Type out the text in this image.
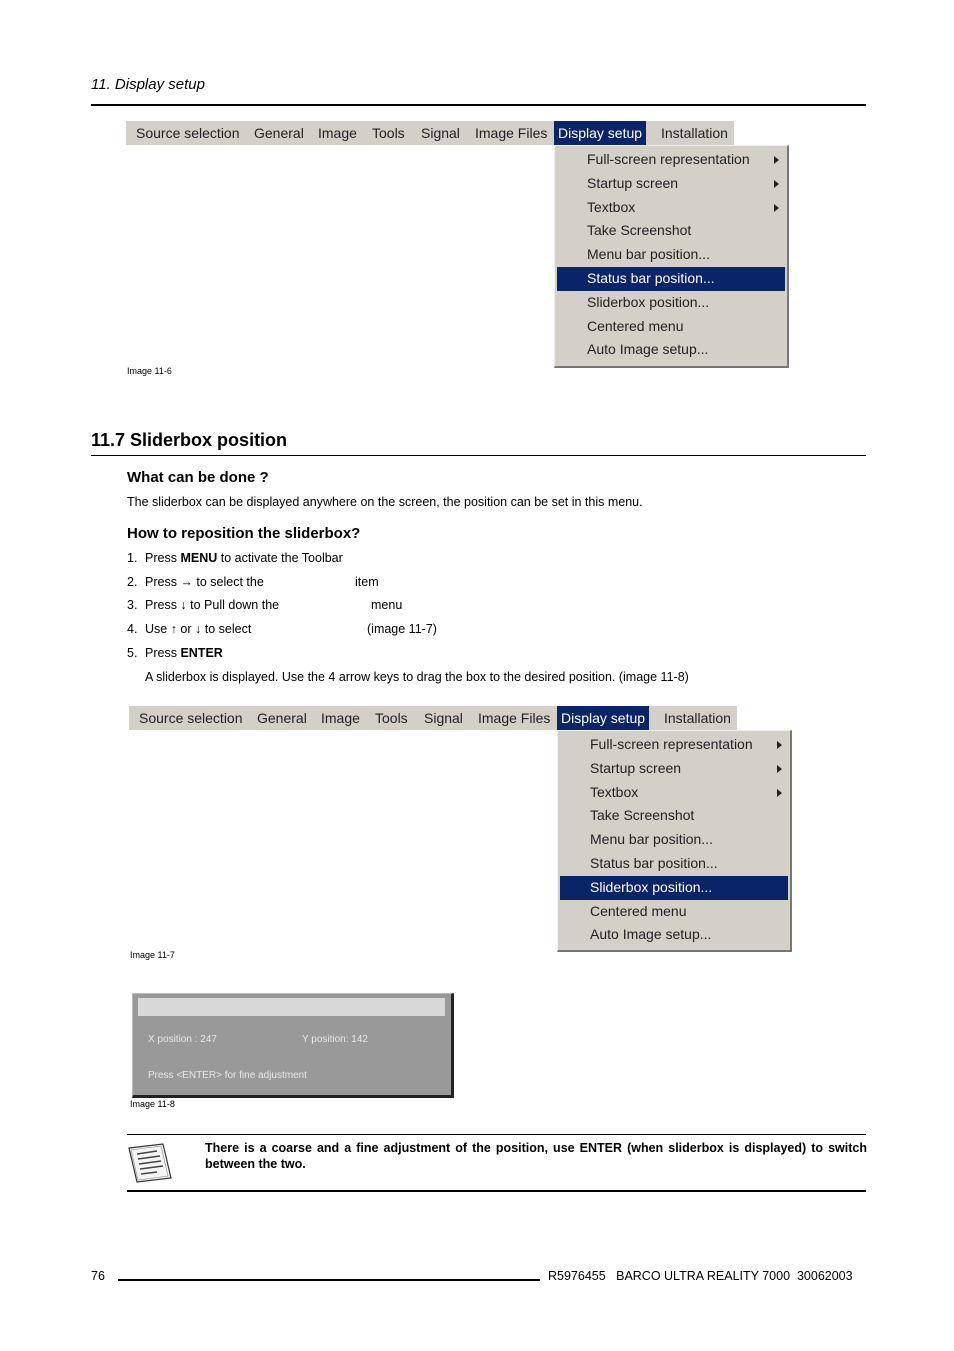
11. Display setup
Source selection General Image Tools Signal Image Files Display setup Installation
Full-screen representation
Startup screen
Textbox
Take Screenshot
Menu bar position...
Status bar position...
Sliderbox position...
Centered menu
Auto Image setup...
Image 11-6
11.7 Sliderbox position
What can be done ?
The sliderbox can be displayed anywhere on the screen, the position can be set in this menu.
How to reposition the sliderbox?
1. Press MENU to activate the Toolbar
2. Press → to select the	item
3. Press ↓ to Pull down the	menu
4. Use ↑ or ↓ to select	(image 11-7)
5. Press ENTER
A sliderbox is displayed. Use the 4 arrow keys to drag the box to the desired position. (image 11-8)
Source selection General Image Tools Signal Image Files Display setup Installation
Full-screen representation
Startup screen
Textbox
Take Screenshot
Menu bar position...
Status bar position...
Sliderbox position...
Centered menu
Auto Image setup...
Image 11-7
X position : 247	Y position: 142
Press <ENTER> for fine adjustment
Image 11-8
There is a coarse and a fine adjustment of the position, use ENTER (when sliderbox is displayed) to switch between the two.
76	R5976455   BARCO ULTRA REALITY 7000  30062003
